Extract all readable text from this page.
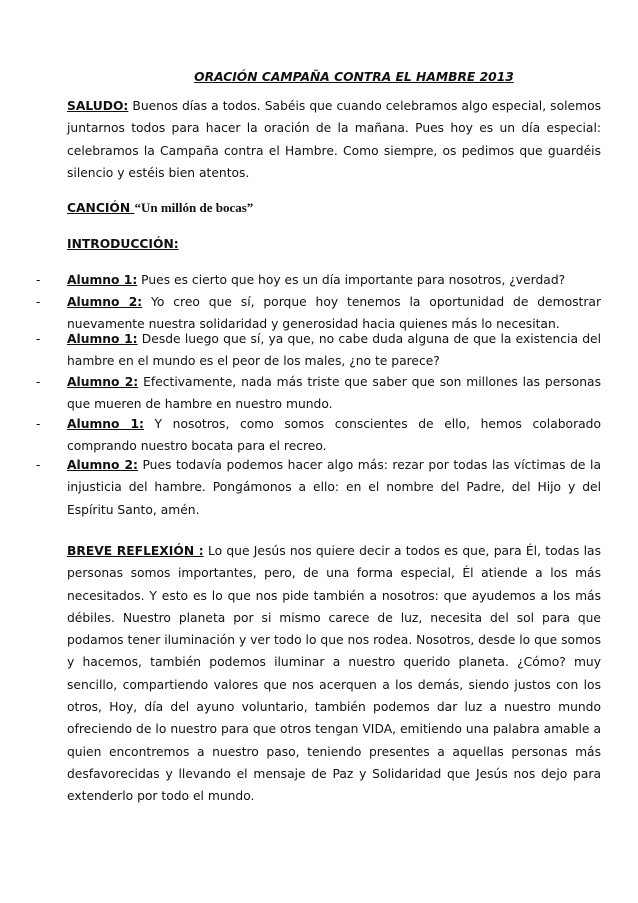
ORACIÓN CAMPAÑA CONTRA EL HAMBRE 2013
SALUDO: Buenos días a todos. Sabéis que cuando celebramos algo especial, solemos juntarnos todos para hacer la oración de la mañana. Pues hoy es un día especial: celebramos la Campaña contra el Hambre. Como siempre, os pedimos que guardéis silencio y estéis bien atentos.
CANCIÓN “Un millón de bocas”
INTRODUCCIÓN:
-	Alumno 1: Pues es cierto que hoy es un día importante para nosotros, ¿verdad?
-	Alumno 2: Yo creo que sí, porque hoy tenemos la oportunidad de demostrar nuevamente nuestra solidaridad y generosidad hacia quienes más lo necesitan.
-	Alumno 1: Desde luego que sí, ya que, no cabe duda alguna de que la existencia del hambre en el mundo es el peor de los males, ¿no te parece?
-	Alumno 2: Efectivamente, nada más triste que saber que son millones las personas que mueren de hambre en nuestro mundo.
-	Alumno 1: Y nosotros, como somos conscientes de ello, hemos colaborado comprando nuestro bocata para el recreo.
-	Alumno 2: Pues todavía podemos hacer algo más: rezar por todas las víctimas de la injusticia del hambre. Pongámonos a ello: en el nombre del Padre, del Hijo y del Espíritu Santo, amén.
BREVE REFLEXIÓN : Lo que Jesús nos quiere decir a todos es que, para Él, todas las personas somos importantes, pero, de una forma especial, Él atiende a los más necesitados. Y esto es lo que nos pide también a nosotros: que ayudemos a los más débiles. Nuestro planeta por si mismo carece de luz, necesita del sol para que podamos tener iluminación y ver todo lo que nos rodea. Nosotros, desde lo que somos y hacemos, también podemos iluminar a nuestro querido planeta. ¿Cómo? muy sencillo, compartiendo valores que nos acerquen a los demás, siendo justos con los otros, Hoy, día del ayuno voluntario, también podemos dar luz a nuestro mundo ofreciendo de lo nuestro para que otros tengan VIDA, emitiendo una palabra amable a quien encontremos a nuestro paso, teniendo presentes a aquellas personas más desfavorecidas y llevando el mensaje de Paz y Solidaridad que Jesús nos dejo para extenderlo por todo el mundo.
